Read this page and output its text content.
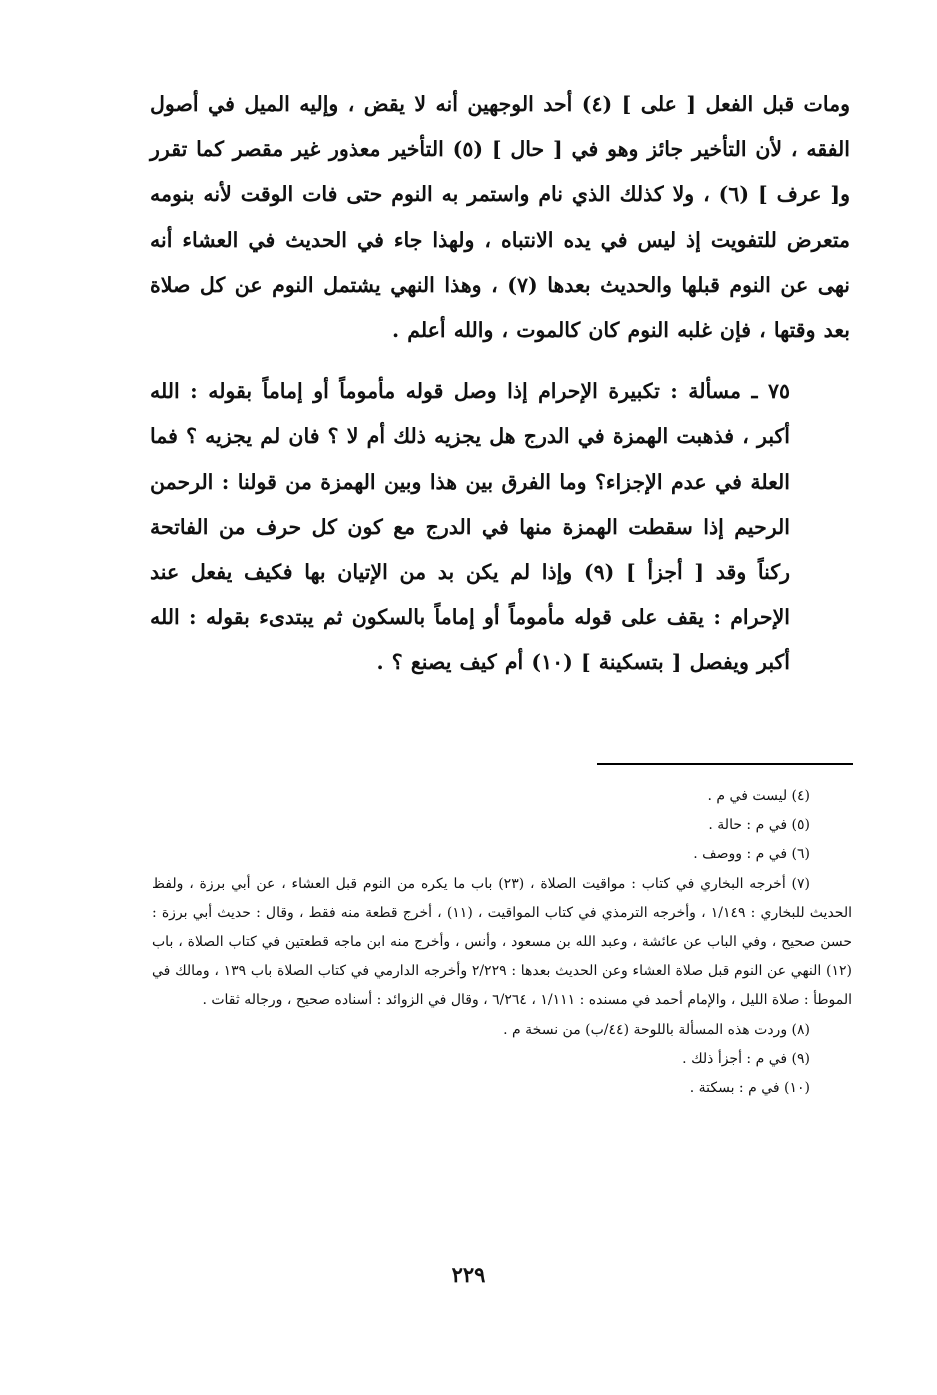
ومات قبل الفعل [ على ] (٤) أحد الوجهين أنه لا يقض ، وإليه الميل في أصول الفقه ، لأن التأخير جائز وهو في [ حال ] (٥) التأخير معذور غير مقصر كما تقرر و[ عرف ] (٦) ، ولا كذلك الذي نام واستمر به النوم حتى فات الوقت لأنه بنومه متعرض للتفويت إذ ليس في يده الانتباه ، ولهذا جاء في الحديث في العشاء أنه نهى عن النوم قبلها والحديث بعدها (٧) ، وهذا النهي يشتمل النوم عن كل صلاة بعد وقتها ، فإن غلبه النوم كان كالموت ، والله أعلم .

٧٥ ـ مسألة : تكبيرة الإحرام إذا وصل قوله مأموماً أو إماماً بقوله : الله أكبر ، فذهبت الهمزة في الدرج هل يجزيه ذلك أم لا ؟ فان لم يجزيه ؟ فما العلة في عدم الإجزاء؟ وما الفرق بين هذا وبين الهمزة من قولنا : الرحمن الرحيم إذا سقطت الهمزة منها في الدرج مع كون كل حرف من الفاتحة ركناً وقد [ أجزأ ] (٩) وإذا لم يكن بد من الإتيان بها فكيف يفعل عند الإحرام : يقف على قوله مأموماً أو إماماً بالسكون ثم يبتدىء بقوله : الله أكبر ويفصل [ بتسكينة ] (١٠) أم كيف يصنع ؟ .

(٤) ليست في م .

(٥) في م : حالة .

(٦) في م : ووصف .

(٧) أخرجه البخاري في كتاب : مواقيت الصلاة ، (٢٣) باب ما يكره من النوم قبل العشاء ، عن أبي برزة ، ولفظ الحديث للبخاري : ١/١٤٩ ، وأخرجه الترمذي في كتاب المواقيت ، (١١) ، أخرج قطعة منه فقط ، وقال : حديث أبي برزة : حسن صحيح ، وفي الباب عن عائشة ، وعبد الله بن مسعود ، وأنس ، وأخرج منه ابن ماجه قطعتين في كتاب الصلاة ، باب (١٢) النهي عن النوم قبل صلاة العشاء وعن الحديث بعدها : ٢/٢٢٩ وأخرجه الدارمي في كتاب الصلاة باب ١٣٩ ، ومالك في الموطأ : صلاة الليل ، والإمام أحمد في مسنده : ١/١١١ ، ٦/٢٦٤ ، وقال في الزوائد : أسناده صحيح ، ورجاله ثقات .

(٨) وردت هذه المسألة باللوحة (٤٤/ب) من نسخة م .

(٩) في م : أجزأ ذلك .

(١٠) في م : بسكتة .

٢٢٩
